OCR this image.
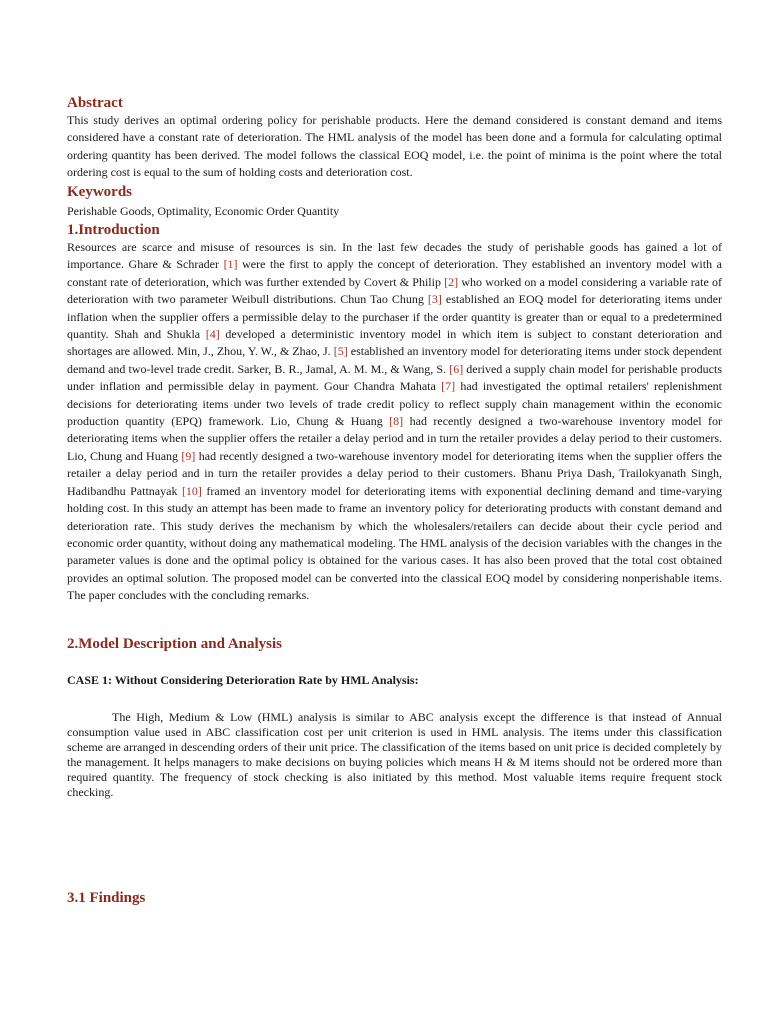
Abstract

This study derives an optimal ordering policy for perishable products. Here the demand considered is constant demand and items considered have a constant rate of deterioration. The HML analysis of the model has been done and a formula for calculating optimal ordering quantity has been derived. The model follows the classical EOQ model, i.e. the point of minima is the point where the total ordering cost is equal to the sum of holding costs and deterioration cost.

Keywords

Perishable Goods, Optimality, Economic Order Quantity

1.Introduction

Resources are scarce and misuse of resources is sin. In the last few decades the study of perishable goods has gained a lot of importance. Ghare & Schrader [1] were the first to apply the concept of deterioration. They established an inventory model with a constant rate of deterioration, which was further extended by Covert & Philip [2] who worked on a model considering a variable rate of deterioration with two parameter Weibull distributions. Chun Tao Chung [3] established an EOQ model for deteriorating items under inflation when the supplier offers a permissible delay to the purchaser if the order quantity is greater than or equal to a predetermined quantity. Shah and Shukla [4] developed a deterministic inventory model in which item is subject to constant deterioration and shortages are allowed. Min, J., Zhou, Y. W., & Zhao, J. [5] established an inventory model for deteriorating items under stock dependent demand and two-level trade credit. Sarker, B. R., Jamal, A. M. M., & Wang, S. [6] derived a supply chain model for perishable products under inflation and permissible delay in payment. Gour Chandra Mahata [7] had investigated the optimal retailers' replenishment decisions for deteriorating items under two levels of trade credit policy to reflect supply chain management within the economic production quantity (EPQ) framework. Lio, Chung & Huang [8] had recently designed a two-warehouse inventory model for deteriorating items when the supplier offers the retailer a delay period and in turn the retailer provides a delay period to their customers. Lio, Chung and Huang [9] had recently designed a two-warehouse inventory model for deteriorating items when the supplier offers the retailer a delay period and in turn the retailer provides a delay period to their customers. Bhanu Priya Dash, Trailokyanath Singh, Hadibandhu Pattnayak [10] framed an inventory model for deteriorating items with exponential declining demand and time-varying holding cost. In this study an attempt has been made to frame an inventory policy for deteriorating products with constant demand and deterioration rate. This study derives the mechanism by which the wholesalers/retailers can decide about their cycle period and economic order quantity, without doing any mathematical modeling. The HML analysis of the decision variables with the changes in the parameter values is done and the optimal policy is obtained for the various cases. It has also been proved that the total cost obtained provides an optimal solution. The proposed model can be converted into the classical EOQ model by considering nonperishable items. The paper concludes with the concluding remarks.

2.Model Description and Analysis

CASE 1: Without Considering Deterioration Rate by HML Analysis:

The High, Medium & Low (HML) analysis is similar to ABC analysis except the difference is that instead of Annual consumption value used in ABC classification cost per unit criterion is used in HML analysis. The items under this classification scheme are arranged in descending orders of their unit price. The classification of the items based on unit price is decided completely by the management. It helps managers to make decisions on buying policies which means H & M items should not be ordered more than required quantity. The frequency of stock checking is also initiated by this method. Most valuable items require frequent stock checking.

3.1 Findings
